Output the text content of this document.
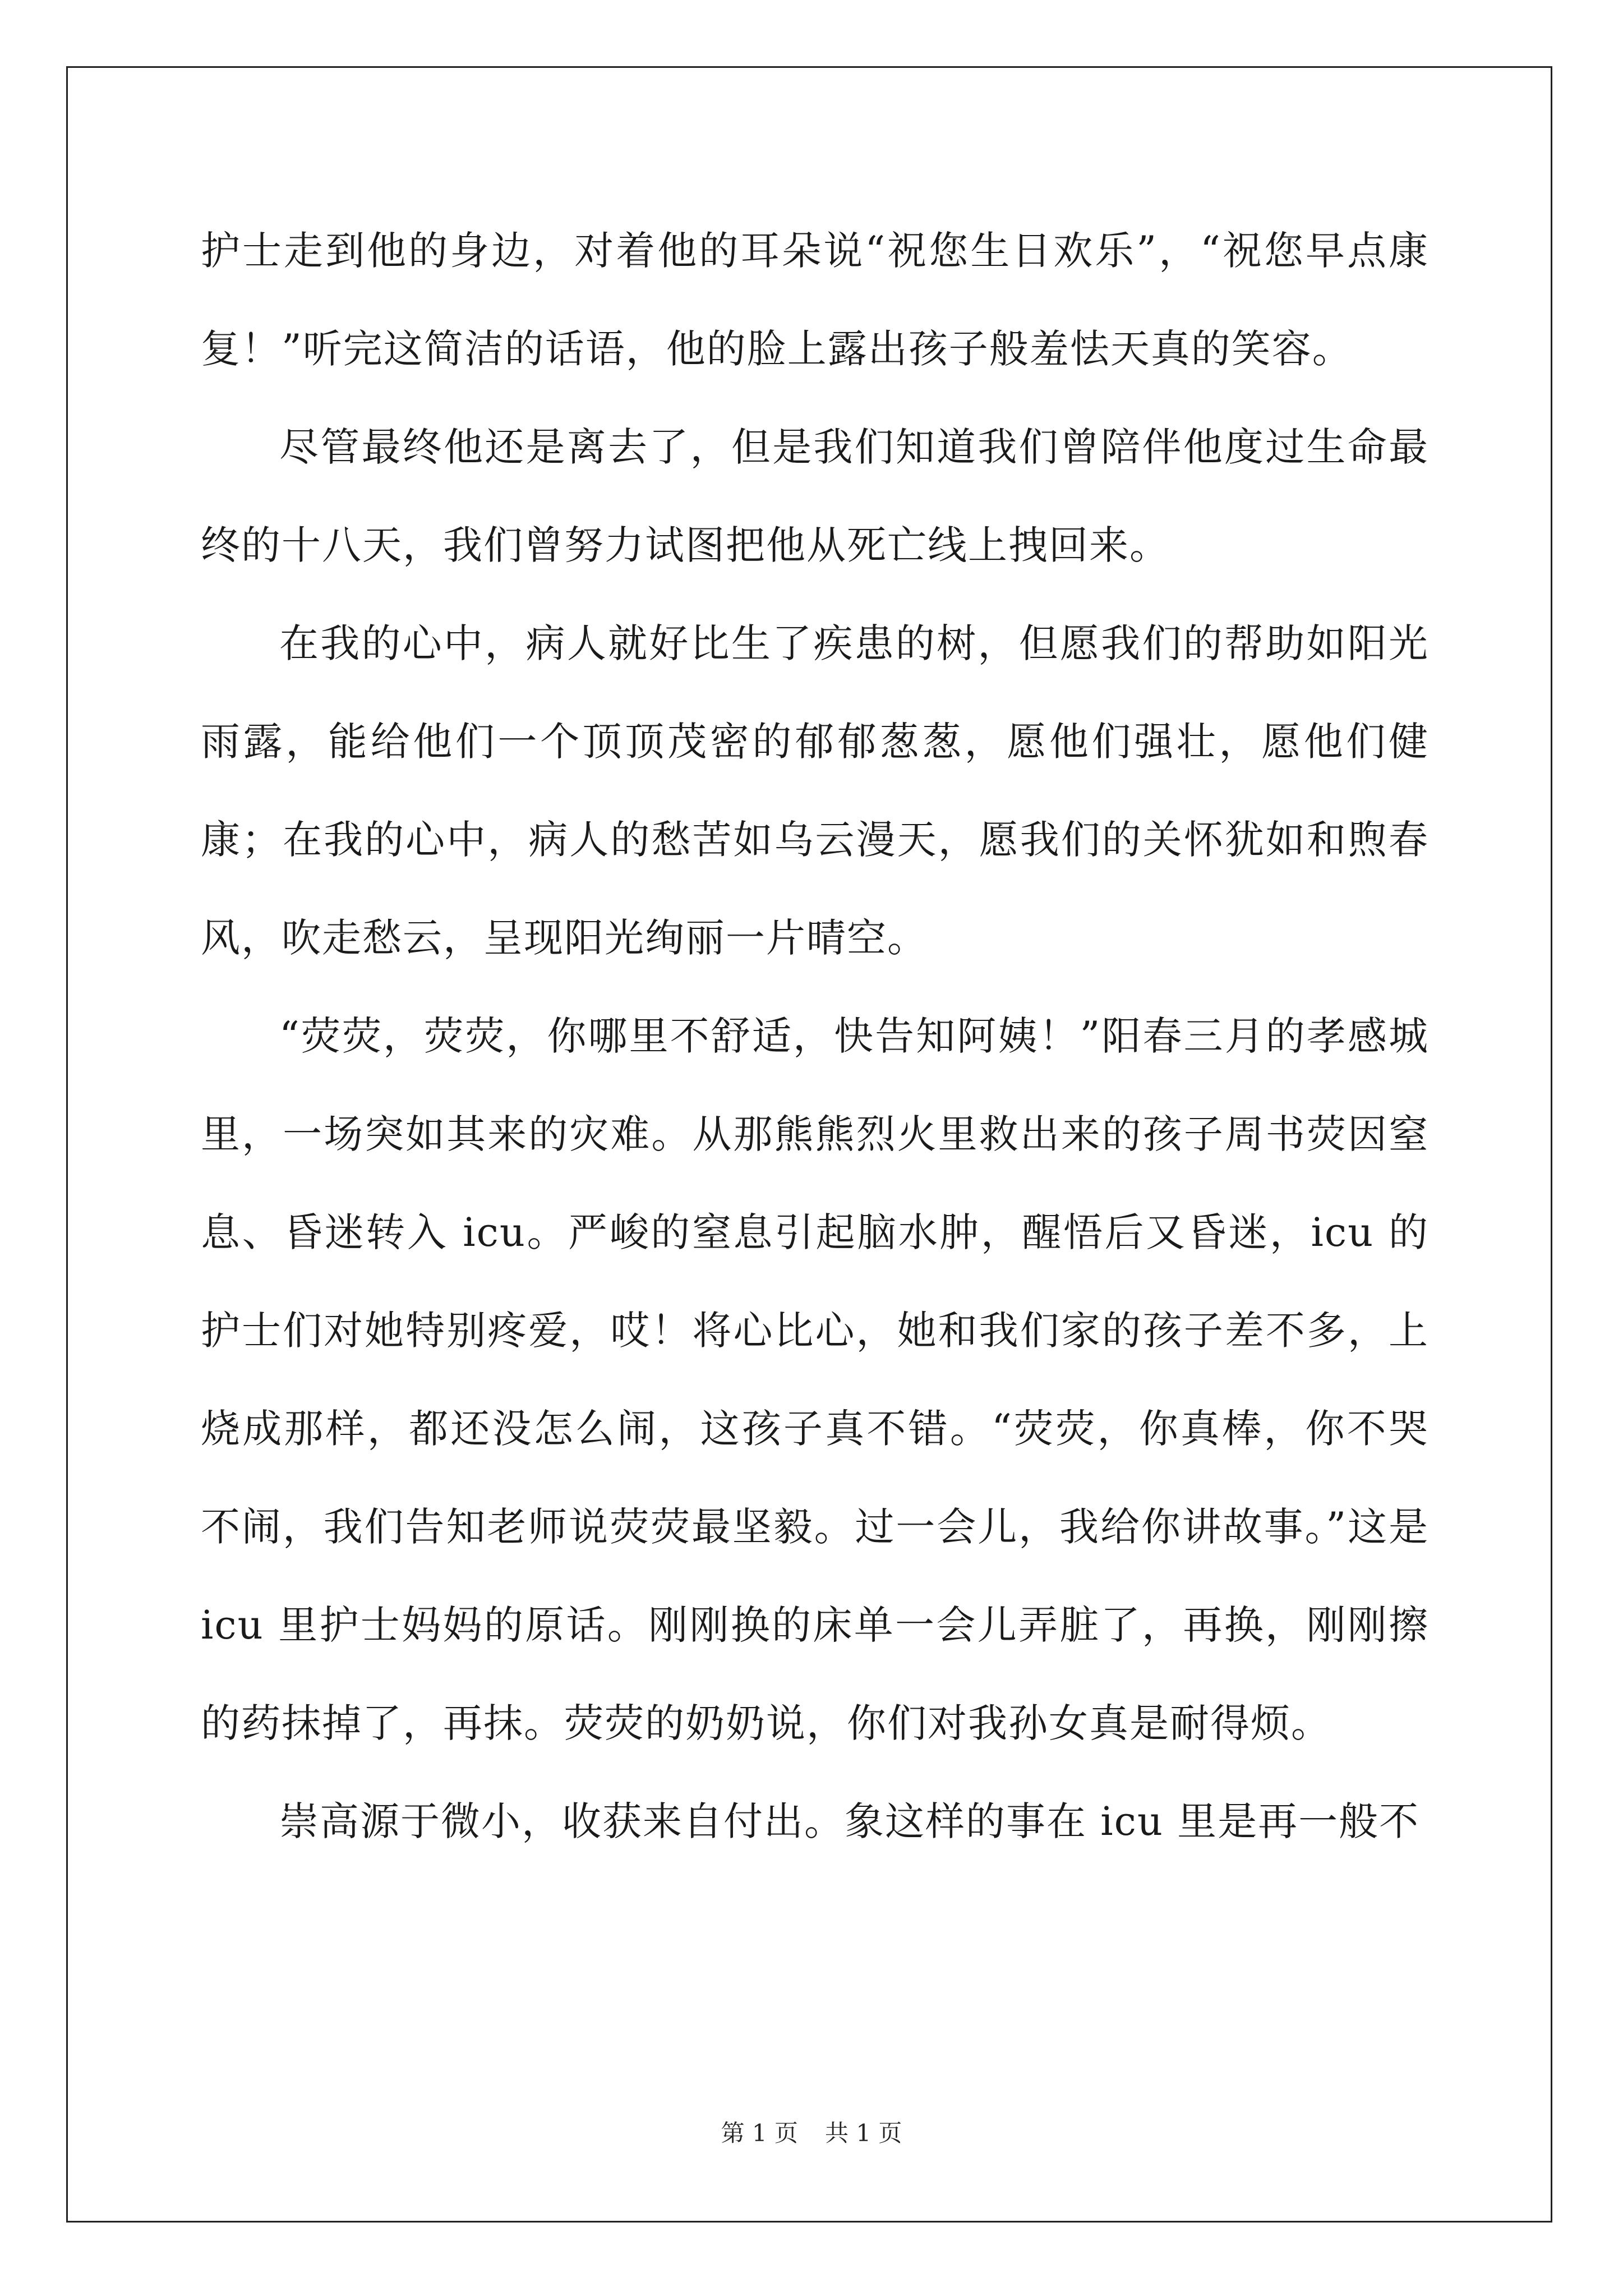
护士走到他的身边，对着他的耳朵说“祝您生日欢乐”，“祝您早点康复！”听完这简洁的话语，他的脸上露出孩子般羞怯天真的笑容。

尽管最终他还是离去了，但是我们知道我们曾陪伴他度过生命最终的十八天，我们曾努力试图把他从死亡线上拽回来。

在我的心中，病人就好比生了疾患的树，但愿我们的帮助如阳光雨露，能给他们一个顶顶茂密的郁郁葱葱，愿他们强壮，愿他们健康；在我的心中，病人的愁苦如乌云漫天，愿我们的关怀犹如和煦春风，吹走愁云，呈现阳光绚丽一片晴空。

“荧荧，荧荧，你哪里不舒适，快告知阿姨！”阳春三月的孝感城里，一场突如其来的灾难。从那熊熊烈火里救出来的孩子周书荧因窒息、昏迷转入 icu。严峻的窒息引起脑水肿，醒悟后又昏迷，icu 的护士们对她特别疼爱，哎！将心比心，她和我们家的孩子差不多，上烧成那样，都还没怎么闹，这孩子真不错。“荧荧，你真棒，你不哭不闹，我们告知老师说荧荧最坚毅。过一会儿，我给你讲故事。”这是 icu 里护士妈妈的原话。刚刚换的床单一会儿弄脏了，再换，刚刚擦的药抹掉了，再抹。荧荧的奶奶说，你们对我孙女真是耐得烦。

崇高源于微小，收获来自付出。象这样的事在 icu 里是再一般不

第 1 页 共 1 页
